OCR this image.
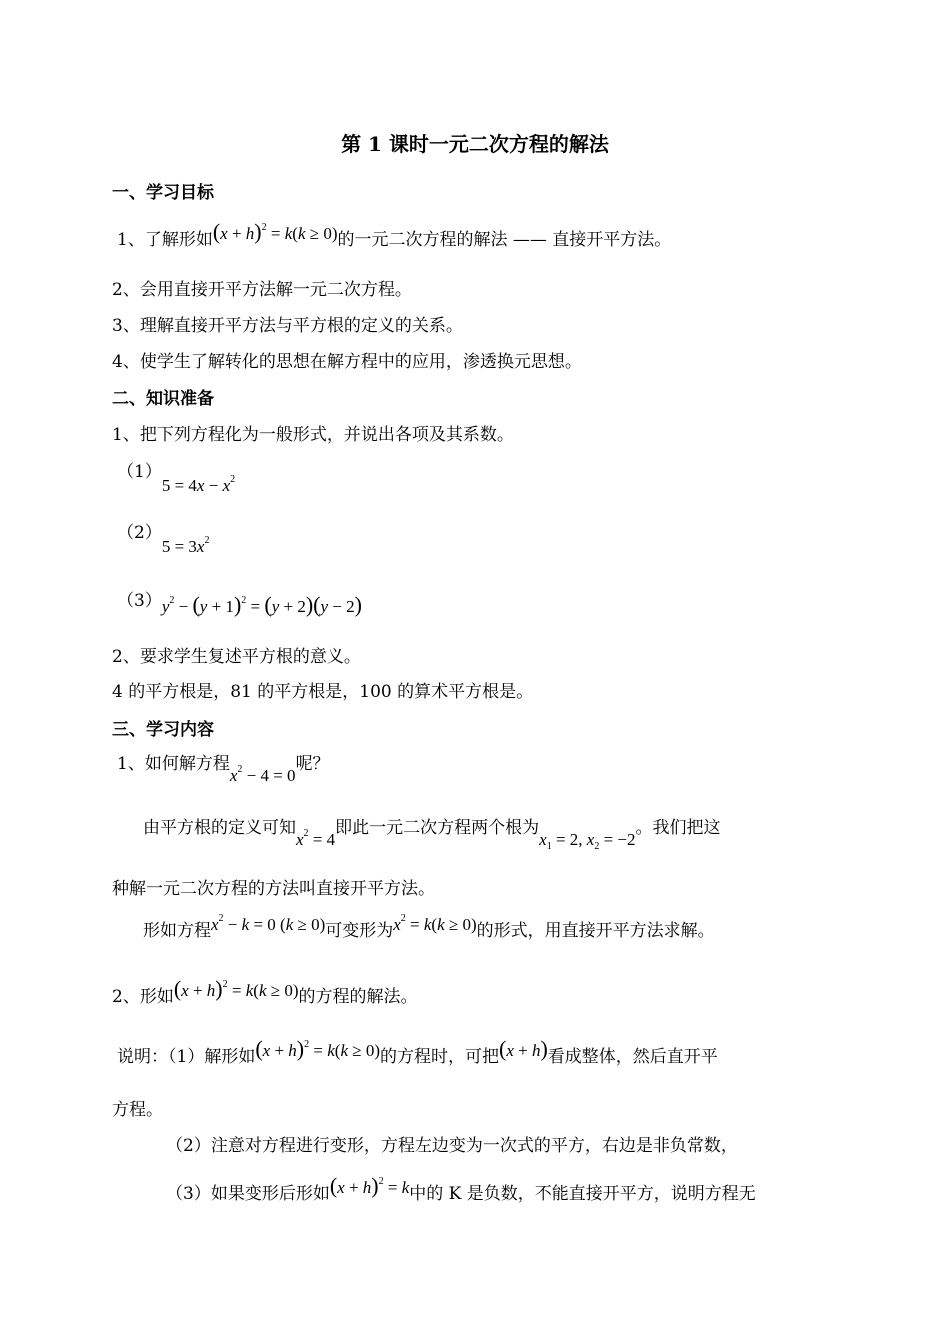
第 1 课时一元二次方程的解法
一、学习目标
1、了解形如$(x + h)^2 = k(k \ge 0)$的一元二次方程的解法 —— 直接开平方法。
2、会用直接开平方法解一元二次方程。
3、理解直接开平方法与平方根的定义的关系。
4、使学生了解转化的思想在解方程中的应用，渗透换元思想。
二、知识准备
1、把下列方程化为一般形式，并说出各项及其系数。
$(1)5 = 4x - x^2$
$(2)5 = 3x^2$
$(3)y^2 - (y + 1)^2 = (y + 2)(y - 2)$
2、要求学生复述平方根的意义。
4 的平方根是，81 的平方根是，100 的算术平方根是。
三、学习内容
1、如何解方程$x^2 - 4 = 0$呢？
由平方根的定义可知$x^2 = 4$即此一元二次方程两个根为$x_1 = 2$, $x_2 = -2$。我们把这
种解一元二次方程的方法叫直接开平方法。
形如方程$x^2 - k = 0$ (k ≥ 0)可变形为$x^2 = k(k \ge 0)$的形式，用直接开平方法求解。
2、形如$(x + h)^2 = k(k \ge 0)$的方程的解法。
说明：（1）解形如$(x + h)^2 = k(k \ge 0)$的方程时，可把(x + h)看成整体，然后直开平
方程。
（2）注意对方程进行变形，方程左边变为一次式的平方，右边是非负常数，
（3）如果变形后形如$(x + h)^2 = k$中的 K 是负数，不能直接开平方，说明方程无
